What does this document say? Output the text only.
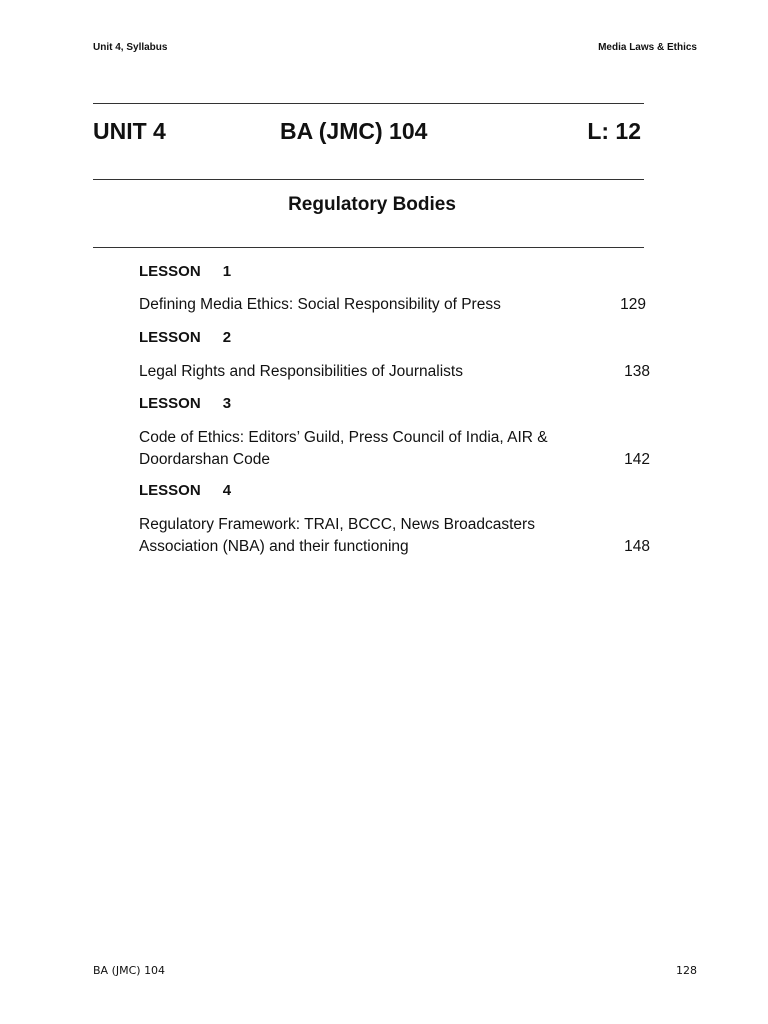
Unit 4, Syllabus	Media Laws & Ethics
UNIT 4	BA (JMC) 104	L: 12
Regulatory Bodies
LESSON 1
Defining Media Ethics: Social Responsibility of Press	129
LESSON 2
Legal Rights and Responsibilities of Journalists	138
LESSON 3
Code of Ethics: Editors’ Guild, Press Council of India, AIR & Doordarshan Code	142
LESSON 4
Regulatory Framework: TRAI, BCCC, News Broadcasters Association (NBA) and their functioning	148
BA (JMC) 104	128
